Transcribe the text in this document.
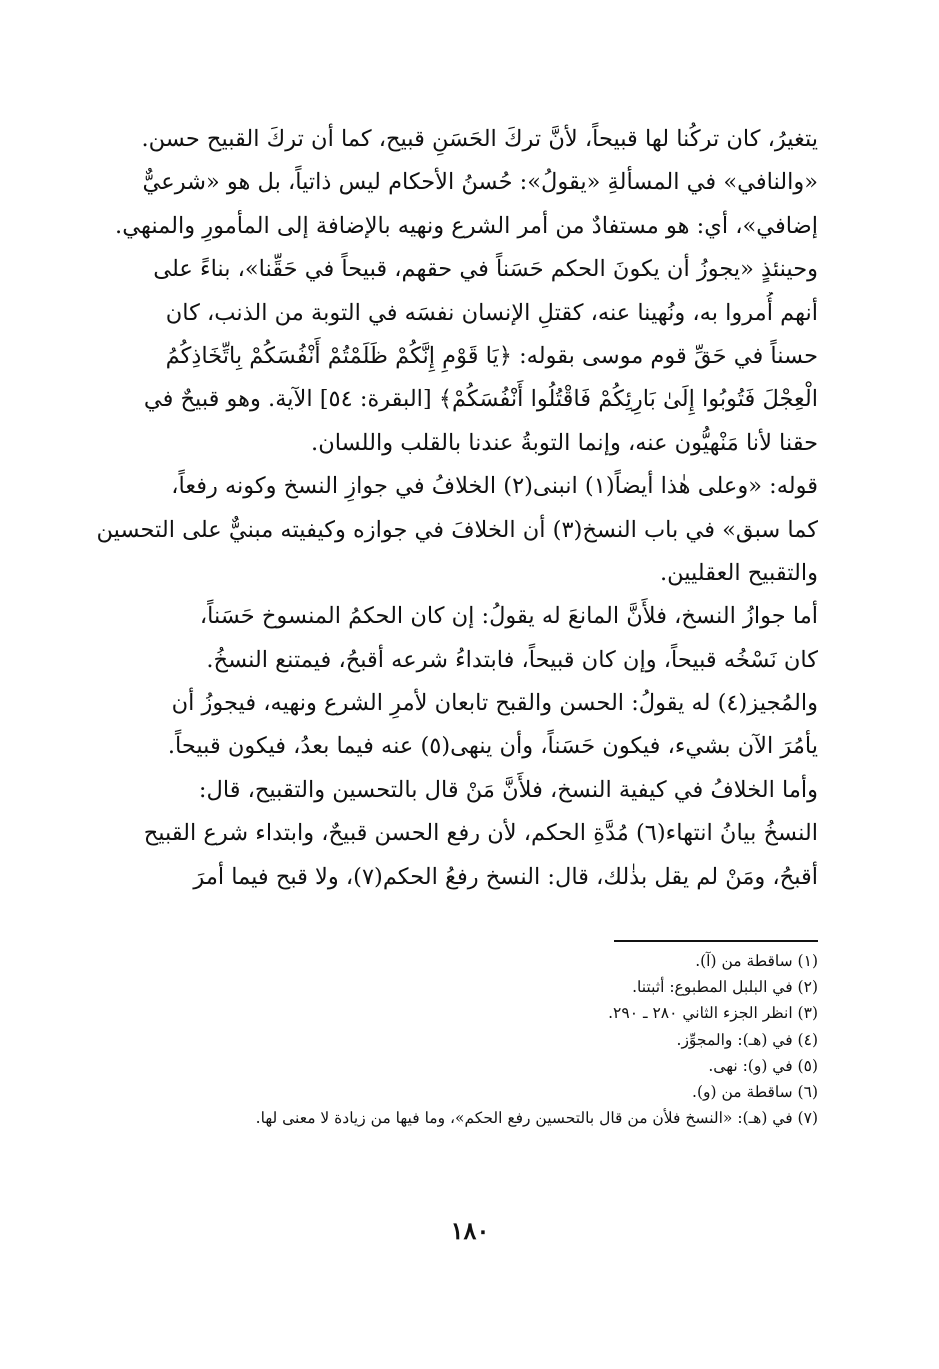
يتغيرُ، كان تركُنا لها قبيحاً، لأنَّ تركَ الحَسَنِ قبيح، كما أن تركَ القبيح حسن.
«والنافي» في المسألةِ «يقولُ»: حُسنُ الأحكام ليس ذاتياً، بل هو «شرعيٌّ
إضافي»، أي: هو مستفادٌ من أمر الشرع ونهيه بالإضافة إلى المأمورِ والمنهي.
وحينئذٍ «يجوزُ أن يكونَ الحكم حَسَناً في حقهم، قبيحاً في حَقِّنا»، بناءً على
أنهم أُمروا به، ونُهينا عنه، كقتلِ الإنسان نفسَه في التوبة من الذنب، كان
حسناً في حَقِّ قوم موسى بقوله: ﴿يَا قَوْمِ إِنَّكُمْ ظَلَمْتُمْ أَنْفُسَكُمْ بِاتِّخَاذِكُمُ
الْعِجْلَ فَتُوبُوا إِلَىٰ بَارِئِكُمْ فَاقْتُلُوا أَنْفُسَكُمْ﴾ [البقرة: ٥٤] الآية. وهو قبيحٌ في
حقنا لأنا مَنْهيُّون عنه، وإنما التوبةُ عندنا بالقلب واللسان.
قوله: «وعلى هٰذا أيضاً(١) انبنى(٢) الخلافُ في جوازِ النسخ وكونه رفعاً،
كما سبق» في باب النسخ(٣) أن الخلافَ في جوازه وكيفيته مبنيٌّ على التحسين
والتقبيح العقليين.
أما جوازُ النسخ، فلأَنَّ المانعَ له يقولُ: إن كان الحكمُ المنسوخ حَسَناً،
كان نَسْخُه قبيحاً، وإن كان قبيحاً، فابتداءُ شرعه أقبحُ، فيمتنع النسخُ.
والمُجيز(٤) له يقولُ: الحسن والقبح تابعان لأمرِ الشرع ونهيه، فيجوزُ أن
يأمُرَ الآن بشيء، فيكون حَسَناً، وأن ينهى(٥) عنه فيما بعدُ، فيكون قبيحاً.
وأما الخلافُ في كيفية النسخ، فلأَنَّ مَنْ قال بالتحسين والتقبيح، قال:
النسخُ بيانُ انتهاء(٦) مُدَّةِ الحكم، لأن رفع الحسن قبيحٌ، وابتداء شرع القبيح
أقبحُ، ومَنْ لم يقل بذٰلك، قال: النسخ رفعُ الحكم(٧)، ولا قبح فيما أمرَ
(١) ساقطة من (آ).
(٢) في البلبل المطبوع: أثبتنا.
(٣) انظر الجزء الثاني ٢٨٠ ـ ٢٩٠.
(٤) في (هـ): والمجوِّز.
(٥) في (و): نهى.
(٦) ساقطة من (و).
(٧) في (هـ): «النسخ فلأن من قال بالتحسين رفع الحكم»، وما فيها من زيادة لا معنى لها.
١٨٠
